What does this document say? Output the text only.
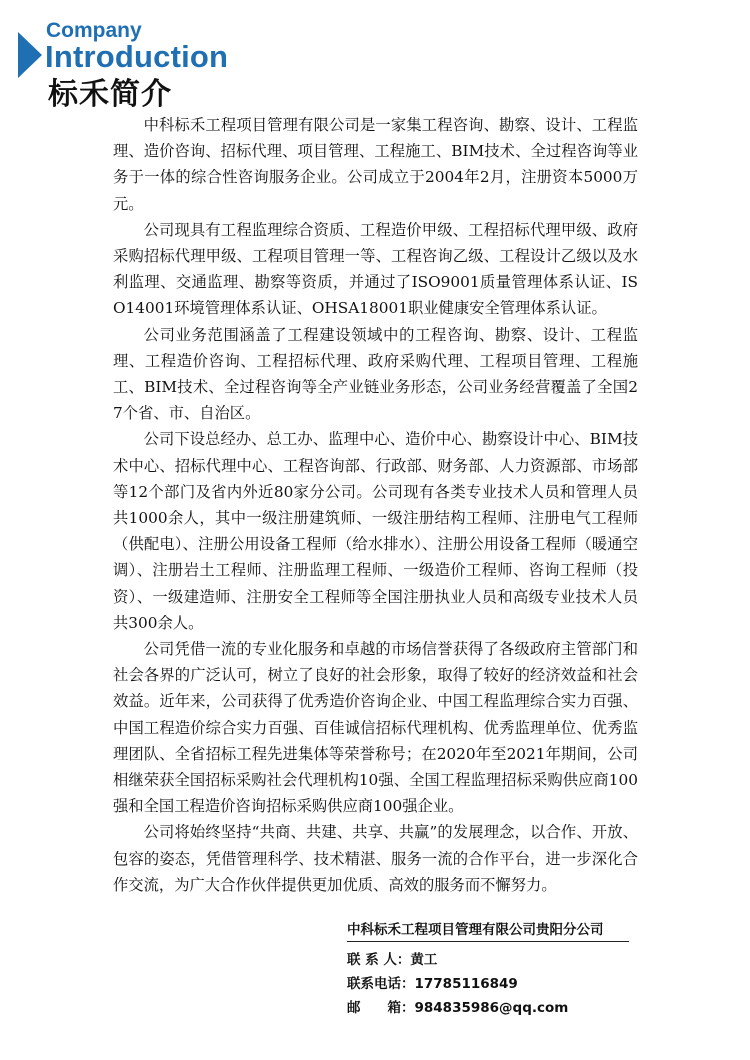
Company
Introduction
标禾简介

中科标禾工程项目管理有限公司是一家集工程咨询、勘察、设计、工程监理、造价咨询、招标代理、项目管理、工程施工、BIM技术、全过程咨询等业务于一体的综合性咨询服务企业。公司成立于2004年2月，注册资本5000万元。

公司现具有工程监理综合资质、工程造价甲级、工程招标代理甲级、政府采购招标代理甲级、工程项目管理一等、工程咨询乙级、工程设计乙级以及水利监理、交通监理、勘察等资质，并通过了ISO9001质量管理体系认证、ISO14001环境管理体系认证、OHSA18001职业健康安全管理体系认证。

公司业务范围涵盖了工程建设领域中的工程咨询、勘察、设计、工程监理、工程造价咨询、工程招标代理、政府采购代理、工程项目管理、工程施工、BIM技术、全过程咨询等全产业链业务形态，公司业务经营覆盖了全国27个省、市、自治区。

公司下设总经办、总工办、监理中心、造价中心、勘察设计中心、BIM技术中心、招标代理中心、工程咨询部、行政部、财务部、人力资源部、市场部等12个部门及省内外近80家分公司。公司现有各类专业技术人员和管理人员共1000余人，其中一级注册建筑师、一级注册结构工程师、注册电气工程师（供配电）、注册公用设备工程师（给水排水）、注册公用设备工程师（暖通空调）、注册岩土工程师、注册监理工程师、一级造价工程师、咨询工程师（投资）、一级建造师、注册安全工程师等全国注册执业人员和高级专业技术人员共300余人。

公司凭借一流的专业化服务和卓越的市场信誉获得了各级政府主管部门和社会各界的广泛认可，树立了良好的社会形象，取得了较好的经济效益和社会效益。近年来，公司获得了优秀造价咨询企业、中国工程监理综合实力百强、中国工程造价综合实力百强、百佳诚信招标代理机构、优秀监理单位、优秀监理团队、全省招标工程先进集体等荣誉称号；在2020年至2021年期间，公司相继荣获全国招标采购社会代理机构10强、全国工程监理招标采购供应商100强和全国工程造价咨询招标采购供应商100强企业。

公司将始终坚持“共商、共建、共享、共赢”的发展理念，以合作、开放、包容的姿态，凭借管理科学、技术精湛、服务一流的合作平台，进一步深化合作交流，为广大合作伙伴提供更加优质、高效的服务而不懈努力。

中科标禾工程项目管理有限公司贵阳分公司
联 系 人：黄工
联系电话：17785116849
邮　　箱：984835986@qq.com
